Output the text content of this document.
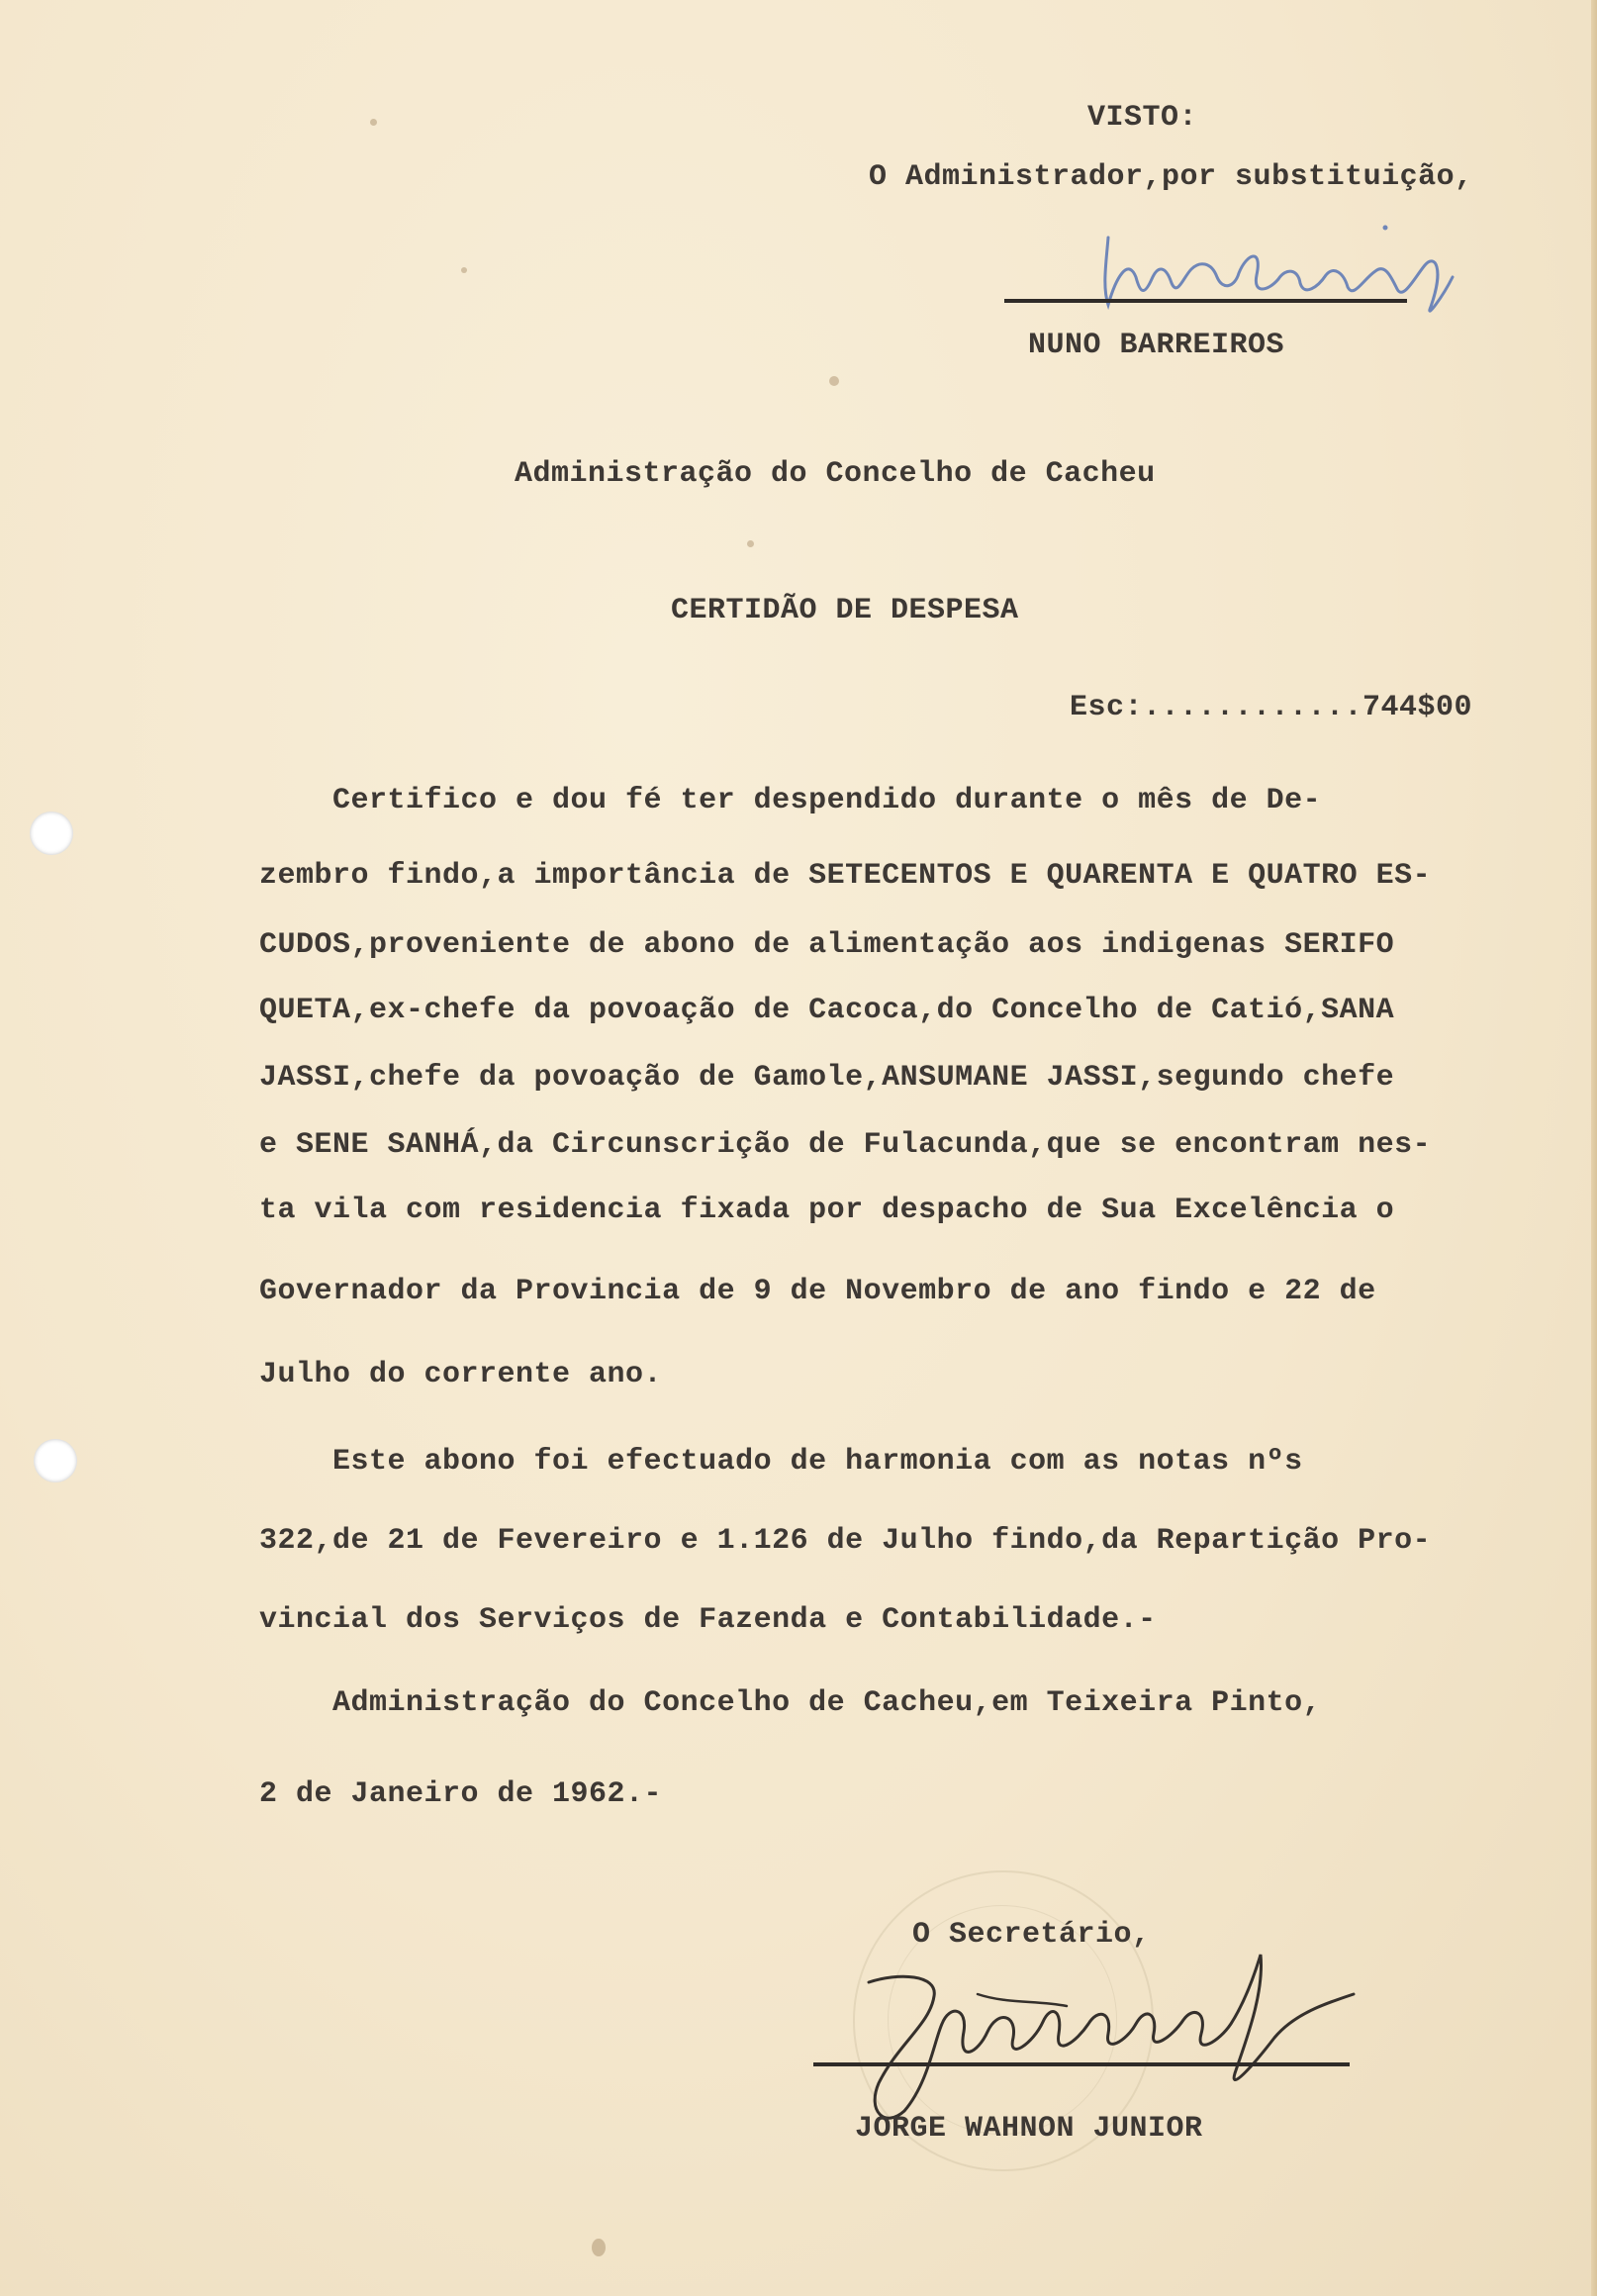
VISTO:
O Administrador,por substituição,
NUNO BARREIROS
Administração do Concelho de Cacheu
CERTIDÃO DE DESPESA
Esc:............744$00
Certifico e dou fé ter despendido durante o mês de De-
zembro findo,a importância de SETECENTOS E QUARENTA E QUATRO ES-
CUDOS,proveniente de abono de alimentação aos indigenas SERIFO
QUETA,ex-chefe da povoação de Cacoca,do Concelho de Catió,SANA
JASSI,chefe da povoação de Gamole,ANSUMANE JASSI,segundo chefe
e SENE SANHÁ,da Circunscrição de Fulacunda,que se encontram nes-
ta vila com residencia fixada por despacho de Sua Excelência o
Governador da Provincia de 9 de Novembro de ano findo e 22 de
Julho do corrente ano.
Este abono foi efectuado de harmonia com as notas nºs
322,de 21 de Fevereiro e 1.126 de Julho findo,da Repartição Pro-
vincial dos Serviços de Fazenda e Contabilidade.-
Administração do Concelho de Cacheu,em Teixeira Pinto,
2 de Janeiro de 1962.-
O Secretário,
JORGE WAHNON JUNIOR
